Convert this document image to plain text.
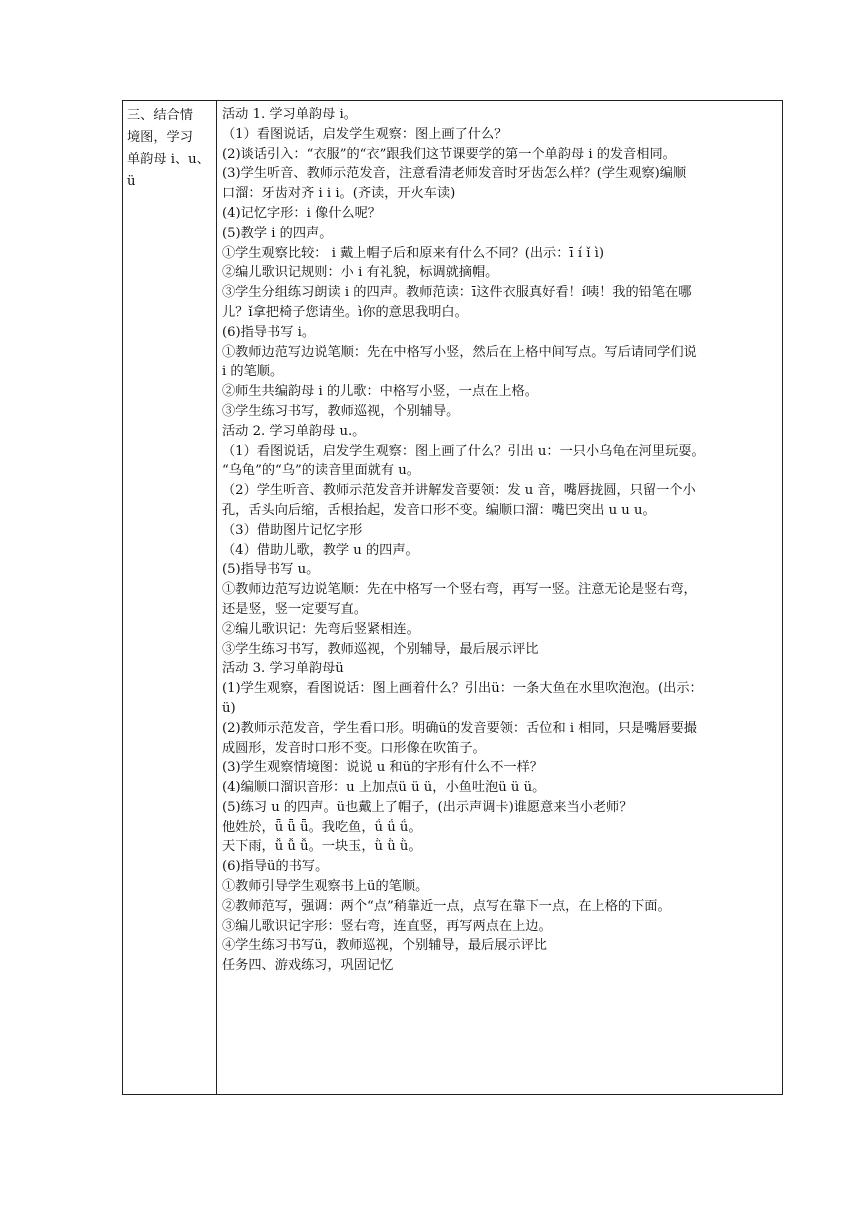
三、结合情
境图，学习
单韵母 i、u、
ü

活动 1. 学习单韵母 i。
（1）看图说话，启发学生观察：图上画了什么？
(2)谈话引入：“衣服”的“衣”跟我们这节课要学的第一个单韵母 i 的发音相同。
(3)学生听音、教师示范发音，注意看清老师发音时牙齿怎么样？(学生观察)编顺
口溜：牙齿对齐 i i i。(齐读，开火车读)
(4)记忆字形：i 像什么呢？
(5)教学 i 的四声。
①学生观察比较： i 戴上帽子后和原来有什么不同？(出示：ī í ǐ ì)
②编儿歌识记规则：小 i 有礼貌，标调就摘帽。
③学生分组练习朗读 i 的四声。教师范读：ī这件衣服真好看！í咦！我的铅笔在哪
儿？ǐ拿把椅子您请坐。ì你的意思我明白。
(6)指导书写 i。
①教师边范写边说笔顺：先在中格写小竖，然后在上格中间写点。写后请同学们说
i 的笔顺。
②师生共编韵母 i 的儿歌：中格写小竖，一点在上格。
③学生练习书写，教师巡视，个别辅导。
活动 2. 学习单韵母 u.。
（1）看图说话，启发学生观察：图上画了什么？引出 u：一只小乌龟在河里玩耍。
“乌龟”的“乌”的读音里面就有 u。
（2）学生听音、教师示范发音并讲解发音要领：发 u 音，嘴唇拢圆，只留一个小
孔，舌头向后缩，舌根抬起，发音口形不变。编顺口溜：嘴巴突出 u u u。
（3）借助图片记忆字形
（4）借助儿歌，教学 u 的四声。
(5)指导书写 u。
①教师边范写边说笔顺：先在中格写一个竖右弯，再写一竖。注意无论是竖右弯，
还是竖，竖一定要写直。
②编儿歌识记：先弯后竖紧相连。
③学生练习书写，教师巡视，个别辅导，最后展示评比
活动 3. 学习单韵母ü
(1)学生观察，看图说话：图上画着什么？引出ü：一条大鱼在水里吹泡泡。(出示：
ü)
(2)教师示范发音，学生看口形。明确ü的发音要领：舌位和 i 相同，只是嘴唇要撮
成圆形，发音时口形不变。口形像在吹笛子。
(3)学生观察情境图：说说 u 和ü的字形有什么不一样？
(4)编顺口溜识音形：u 上加点ü ü ü，小鱼吐泡ü ü ü。
(5)练习 u 的四声。ü也戴上了帽子，(出示声调卡)谁愿意来当小老师？
他姓於，ǖ ǖ ǖ。我吃鱼，ǘ ǘ ǘ。
天下雨，ǚ ǚ ǚ。一块玉，ǜ ǜ ǜ。
(6)指导ü的书写。
①教师引导学生观察书上ü的笔顺。
②教师范写，强调：两个“点”稍靠近一点，点写在靠下一点，在上格的下面。
③编儿歌识记字形：竖右弯，连直竖，再写两点在上边。
④学生练习书写ü，教师巡视，个别辅导，最后展示评比
任务四、游戏练习，巩固记忆
